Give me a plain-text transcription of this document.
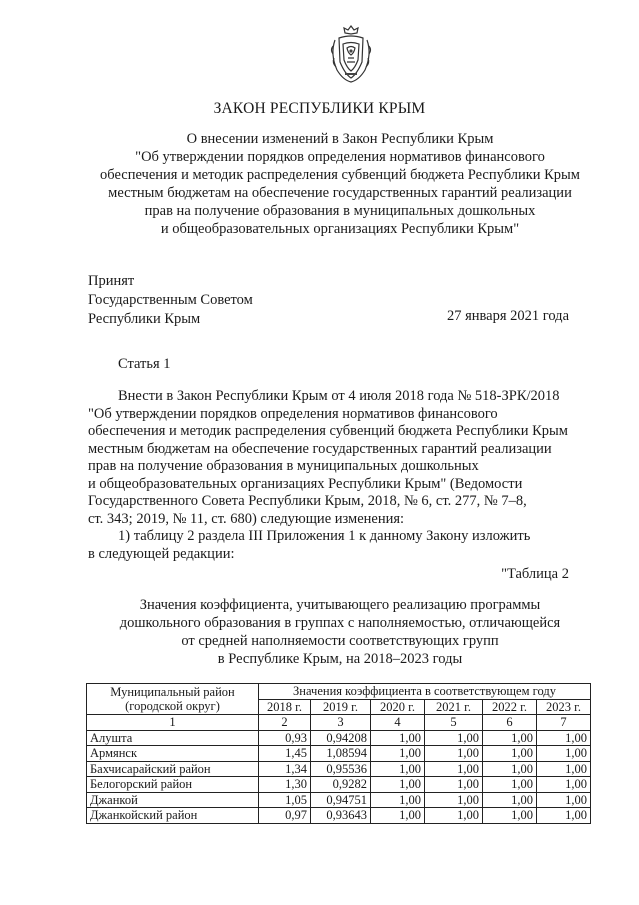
ЗАКОН РЕСПУБЛИКИ КРЫМ
О внесении изменений в Закон Республики Крым
"Об утверждении порядков определения нормативов финансового
обеспечения и методик распределения субвенций бюджета Республики Крым
местным бюджетам на обеспечение государственных гарантий реализации
прав на получение образования в муниципальных дошкольных
и общеобразовательных организациях Республики Крым"
Принят
Государственным Советом
Республики Крым	27 января 2021 года
Статья 1
Внести в Закон Республики Крым от 4 июля 2018 года № 518-ЗРК/2018
"Об утверждении порядков определения нормативов финансового
обеспечения и методик распределения субвенций бюджета Республики Крым
местным бюджетам на обеспечение государственных гарантий реализации
прав на получение образования в муниципальных дошкольных
и общеобразовательных организациях Республики Крым" (Ведомости
Государственного Совета Республики Крым, 2018, № 6, ст. 277, № 7–8,
ст. 343; 2019, № 11, ст. 680) следующие изменения:
1) таблицу 2 раздела III Приложения 1 к данному Закону изложить
в следующей редакции:
"Таблица 2
Значения коэффициента, учитывающего реализацию программы
дошкольного образования в группах с наполняемостью, отличающейся
от средней наполняемости соответствующих групп
в Республике Крым, на 2018–2023 годы
Муниципальный район
(городской округ)	Значения коэффициента в соответствующем году					
	2018 г.	2019 г.	2020 г.	2021 г.	2022 г.	2023 г.
1	2	3	4	5	6	7
Алушта	0,93	0,94208	1,00	1,00	1,00	1,00
Армянск	1,45	1,08594	1,00	1,00	1,00	1,00
Бахчисарайский район	1,34	0,95536	1,00	1,00	1,00	1,00
Белогорский район	1,30	0,9282	1,00	1,00	1,00	1,00
Джанкой	1,05	0,94751	1,00	1,00	1,00	1,00
Джанкойский район	0,97	0,93643	1,00	1,00	1,00	1,00
